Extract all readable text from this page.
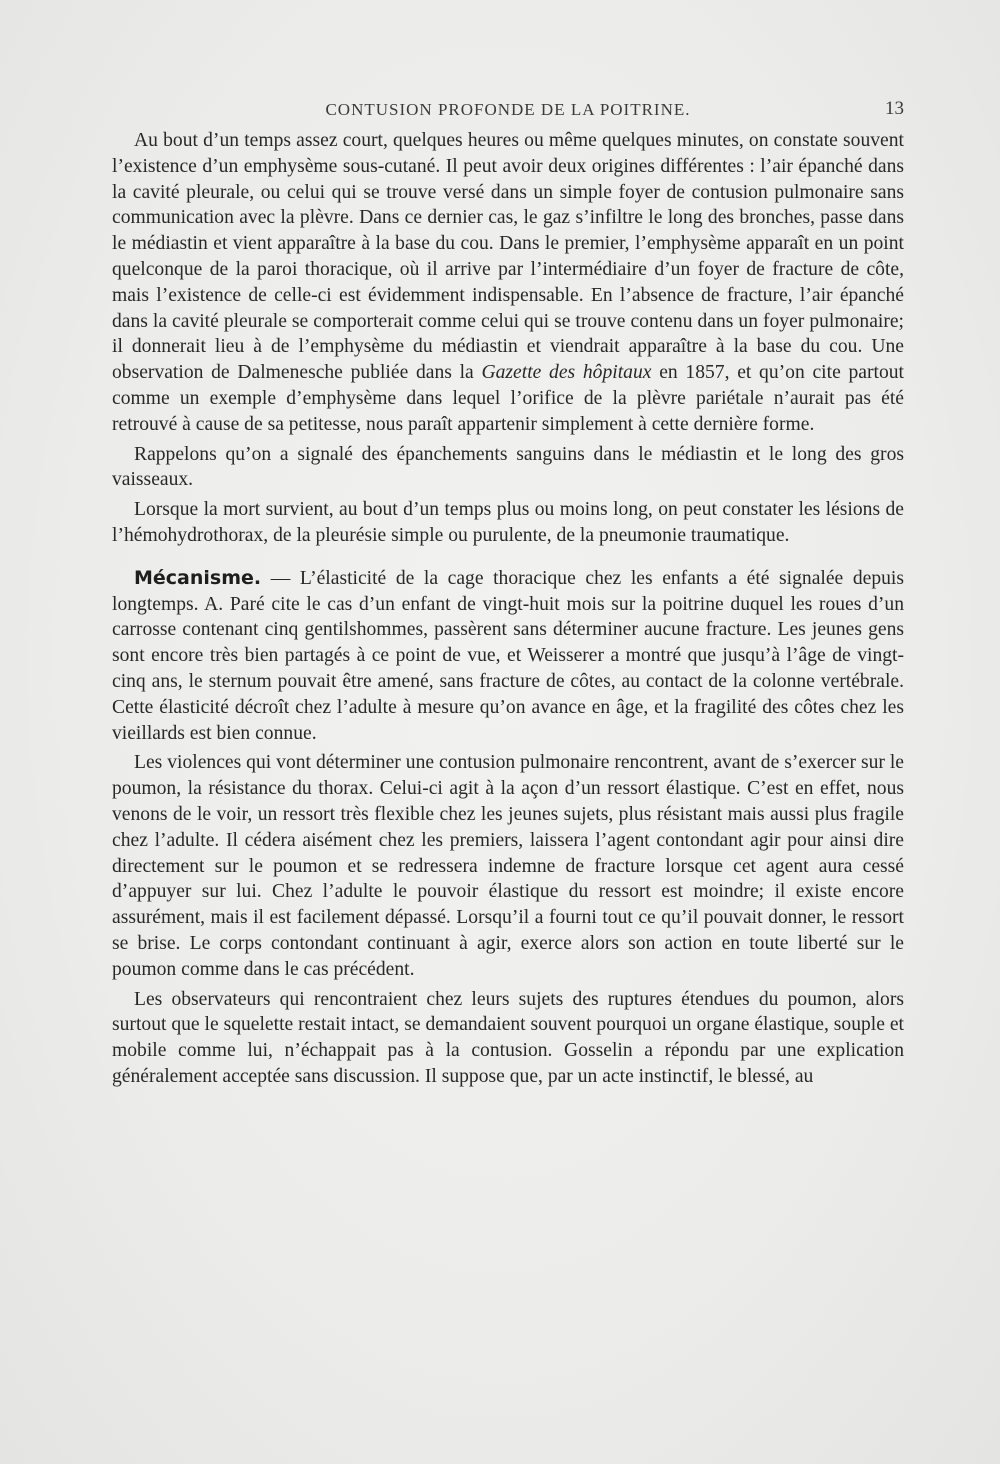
CONTUSION PROFONDE DE LA POITRINE.	13

Au bout d’un temps assez court, quelques heures ou même quelques minutes, on constate souvent l’existence d’un emphysème sous-cutané. Il peut avoir deux origines différentes : l’air épanché dans la cavité pleurale, ou celui qui se trouve versé dans un simple foyer de contusion pulmonaire sans communication avec la plèvre. Dans ce dernier cas, le gaz s’infiltre le long des bronches, passe dans le médiastin et vient apparaître à la base du cou. Dans le premier, l’emphysème apparaît en un point quelconque de la paroi thoracique, où il arrive par l’intermédiaire d’un foyer de fracture de côte, mais l’existence de celle-ci est évidemment indispensable. En l’absence de fracture, l’air épanché dans la cavité pleurale se comporterait comme celui qui se trouve contenu dans un foyer pulmonaire; il donnerait lieu à de l’emphysème du médiastin et viendrait apparaître à la base du cou. Une observation de Dalmenesche publiée dans la Gazette des hôpitaux en 1857, et qu’on cite partout comme un exemple d’emphysème dans lequel l’orifice de la plèvre pariétale n’aurait pas été retrouvé à cause de sa petitesse, nous paraît appartenir simplement à cette dernière forme.

Rappelons qu’on a signalé des épanchements sanguins dans le médiastin et le long des gros vaisseaux.

Lorsque la mort survient, au bout d’un temps plus ou moins long, on peut constater les lésions de l’hémohydrothorax, de la pleurésie simple ou purulente, de la pneumonie traumatique.

Mécanisme. — L’élasticité de la cage thoracique chez les enfants a été signalée depuis longtemps. A. Paré cite le cas d’un enfant de vingt-huit mois sur la poitrine duquel les roues d’un carrosse contenant cinq gentilshommes, passèrent sans déterminer aucune fracture. Les jeunes gens sont encore très bien partagés à ce point de vue, et Weisserer a montré que jusqu’à l’âge de vingt-cinq ans, le sternum pouvait être amené, sans fracture de côtes, au contact de la colonne vertébrale. Cette élasticité décroît chez l’adulte à mesure qu’on avance en âge, et la fragilité des côtes chez les vieillards est bien connue.

Les violences qui vont déterminer une contusion pulmonaire rencontrent, avant de s’exercer sur le poumon, la résistance du thorax. Celui-ci agit à la açon d’un ressort élastique. C’est en effet, nous venons de le voir, un ressort très flexible chez les jeunes sujets, plus résistant mais aussi plus fragile chez l’adulte. Il cédera aisément chez les premiers, laissera l’agent contondant agir pour ainsi dire directement sur le poumon et se redressera indemne de fracture lorsque cet agent aura cessé d’appuyer sur lui. Chez l’adulte le pouvoir élastique du ressort est moindre; il existe encore assurément, mais il est facilement dépassé. Lorsqu’il a fourni tout ce qu’il pouvait donner, le ressort se brise. Le corps contondant continuant à agir, exerce alors son action en toute liberté sur le poumon comme dans le cas précédent.

Les observateurs qui rencontraient chez leurs sujets des ruptures étendues du poumon, alors surtout que le squelette restait intact, se demandaient souvent pourquoi un organe élastique, souple et mobile comme lui, n’échappait pas à la contusion. Gosselin a répondu par une explication généralement acceptée sans discussion. Il suppose que, par un acte instinctif, le blessé, au
